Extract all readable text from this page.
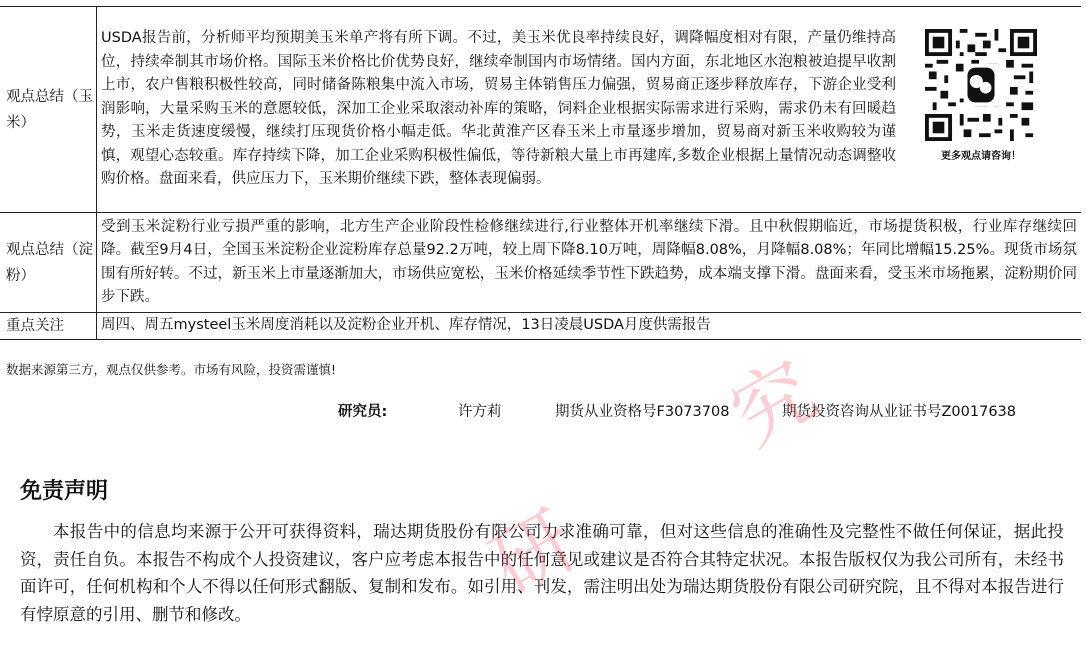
观点总结（玉米）	USDA报告前，分析师平均预期美玉米单产将有所下调。不过，美玉米优良率持续良好，调降幅度相对有限，产量仍维持高位，持续牵制其市场价格。国际玉米价格比价优势良好，继续牵制国内市场情绪。国内方面，东北地区水泡粮被迫提早收割上市，农户售粮积极性较高，同时储备陈粮集中流入市场，贸易主体销售压力偏强，贸易商正逐步释放库存，下游企业受利润影响，大量采购玉米的意愿较低，深加工企业采取滚动补库的策略，饲料企业根据实际需求进行采购，需求仍未有回暖趋势，玉米走货速度缓慢，继续打压现货价格小幅走低。华北黄淮产区春玉米上市量逐步增加，贸易商对新玉米收购较为谨慎，观望心态较重。库存持续下降，加工企业采购积极性偏低，等待新粮大量上市再建库,多数企业根据上量情况动态调整收购价格。盘面来看，供应压力下，玉米期价继续下跌，整体表现偏弱。
更多观点请咨询！

观点总结（淀粉）	受到玉米淀粉行业亏损严重的影响，北方生产企业阶段性检修继续进行,行业整体开机率继续下滑。且中秋假期临近，市场提货积极，行业库存继续回降。截至9月4日，全国玉米淀粉企业淀粉库存总量92.2万吨，较上周下降8.10万吨，周降幅8.08%，月降幅8.08%；年同比增幅15.25%。现货市场氛围有所好转。不过，新玉米上市量逐渐加大，市场供应宽松，玉米价格延续季节性下跌趋势，成本端支撑下滑。盘面来看，受玉米市场拖累，淀粉期价同步下跌。
重点关注	周四、周五mysteel玉米周度消耗以及淀粉企业开机、库存情况，13日凌晨USDA月度供需报告
数据来源第三方，观点仅供参考。市场有风险，投资需谨慎!
研究员:	许方莉	期货从业资格号F3073708	期货投资咨询从业证书号Z0017638
免责声明

本报告中的信息均来源于公开可获得资料，瑞达期货股份有限公司力求准确可靠，但对这些信息的准确性及完整性不做任何保证，据此投资，责任自负。本报告不构成个人投资建议，客户应考虑本报告中的任何意见或建议是否符合其特定状况。本报告版权仅为我公司所有，未经书面许可，任何机构和个人不得以任何形式翻版、复制和发布。如引用、刊发，需注明出处为瑞达期货股份有限公司研究院，且不得对本报告进行有悖原意的引用、删节和修改。

研
究
